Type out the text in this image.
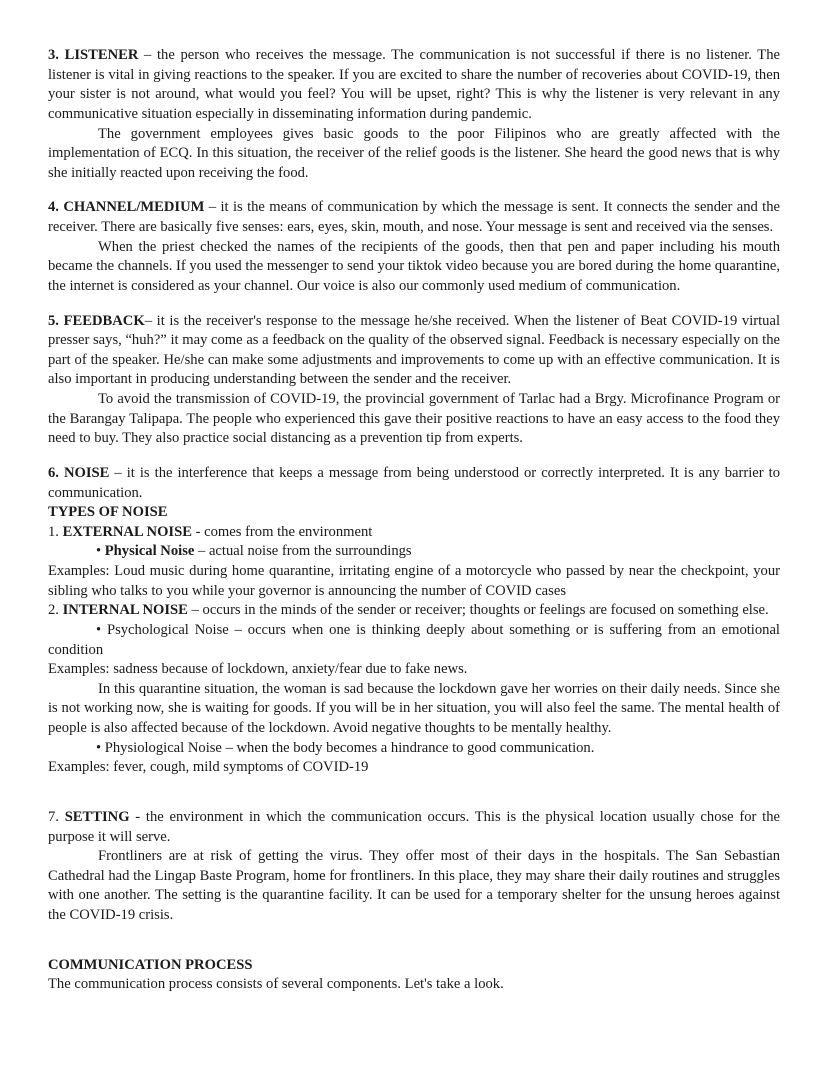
3. LISTENER – the person who receives the message. The communication is not successful if there is no listener. The listener is vital in giving reactions to the speaker. If you are excited to share the number of recoveries about COVID-19, then your sister is not around, what would you feel? You will be upset, right? This is why the listener is very relevant in any communicative situation especially in disseminating information during pandemic.

The government employees gives basic goods to the poor Filipinos who are greatly affected with the implementation of ECQ. In this situation, the receiver of the relief goods is the listener. She heard the good news that is why she initially reacted upon receiving the food.

4. CHANNEL/MEDIUM – it is the means of communication by which the message is sent. It connects the sender and the receiver. There are basically five senses: ears, eyes, skin, mouth, and nose. Your message is sent and received via the senses.

When the priest checked the names of the recipients of the goods, then that pen and paper including his mouth became the channels. If you used the messenger to send your tiktok video because you are bored during the home quarantine, the internet is considered as your channel. Our voice is also our commonly used medium of communication.

5. FEEDBACK– it is the receiver's response to the message he/she received. When the listener of Beat COVID-19 virtual presser says, “huh?” it may come as a feedback on the quality of the observed signal. Feedback is necessary especially on the part of the speaker. He/she can make some adjustments and improvements to come up with an effective communication. It is also important in producing understanding between the sender and the receiver.

To avoid the transmission of COVID-19, the provincial government of Tarlac had a Brgy. Microfinance Program or the Barangay Talipapa. The people who experienced this gave their positive reactions to have an easy access to the food they need to buy. They also practice social distancing as a prevention tip from experts.

6. NOISE – it is the interference that keeps a message from being understood or correctly interpreted. It is any barrier to communication.

TYPES OF NOISE

1. EXTERNAL NOISE - comes from the environment

• Physical Noise – actual noise from the surroundings

Examples: Loud music during home quarantine, irritating engine of a motorcycle who passed by near the checkpoint, your sibling who talks to you while your governor is announcing the number of COVID cases

2. INTERNAL NOISE – occurs in the minds of the sender or receiver; thoughts or feelings are focused on something else.

• Psychological Noise – occurs when one is thinking deeply about something or is suffering from an emotional condition

Examples: sadness because of lockdown, anxiety/fear due to fake news.

In this quarantine situation, the woman is sad because the lockdown gave her worries on their daily needs. Since she is not working now, she is waiting for goods. If you will be in her situation, you will also feel the same. The mental health of people is also affected because of the lockdown. Avoid negative thoughts to be mentally healthy.

• Physiological Noise – when the body becomes a hindrance to good communication.

Examples: fever, cough, mild symptoms of COVID-19

7. SETTING - the environment in which the communication occurs. This is the physical location usually chose for the purpose it will serve.

Frontliners are at risk of getting the virus. They offer most of their days in the hospitals. The San Sebastian Cathedral had the Lingap Baste Program, home for frontliners. In this place, they may share their daily routines and struggles with one another. The setting is the quarantine facility. It can be used for a temporary shelter for the unsung heroes against the COVID-19 crisis.

COMMUNICATION PROCESS

The communication process consists of several components. Let's take a look.
